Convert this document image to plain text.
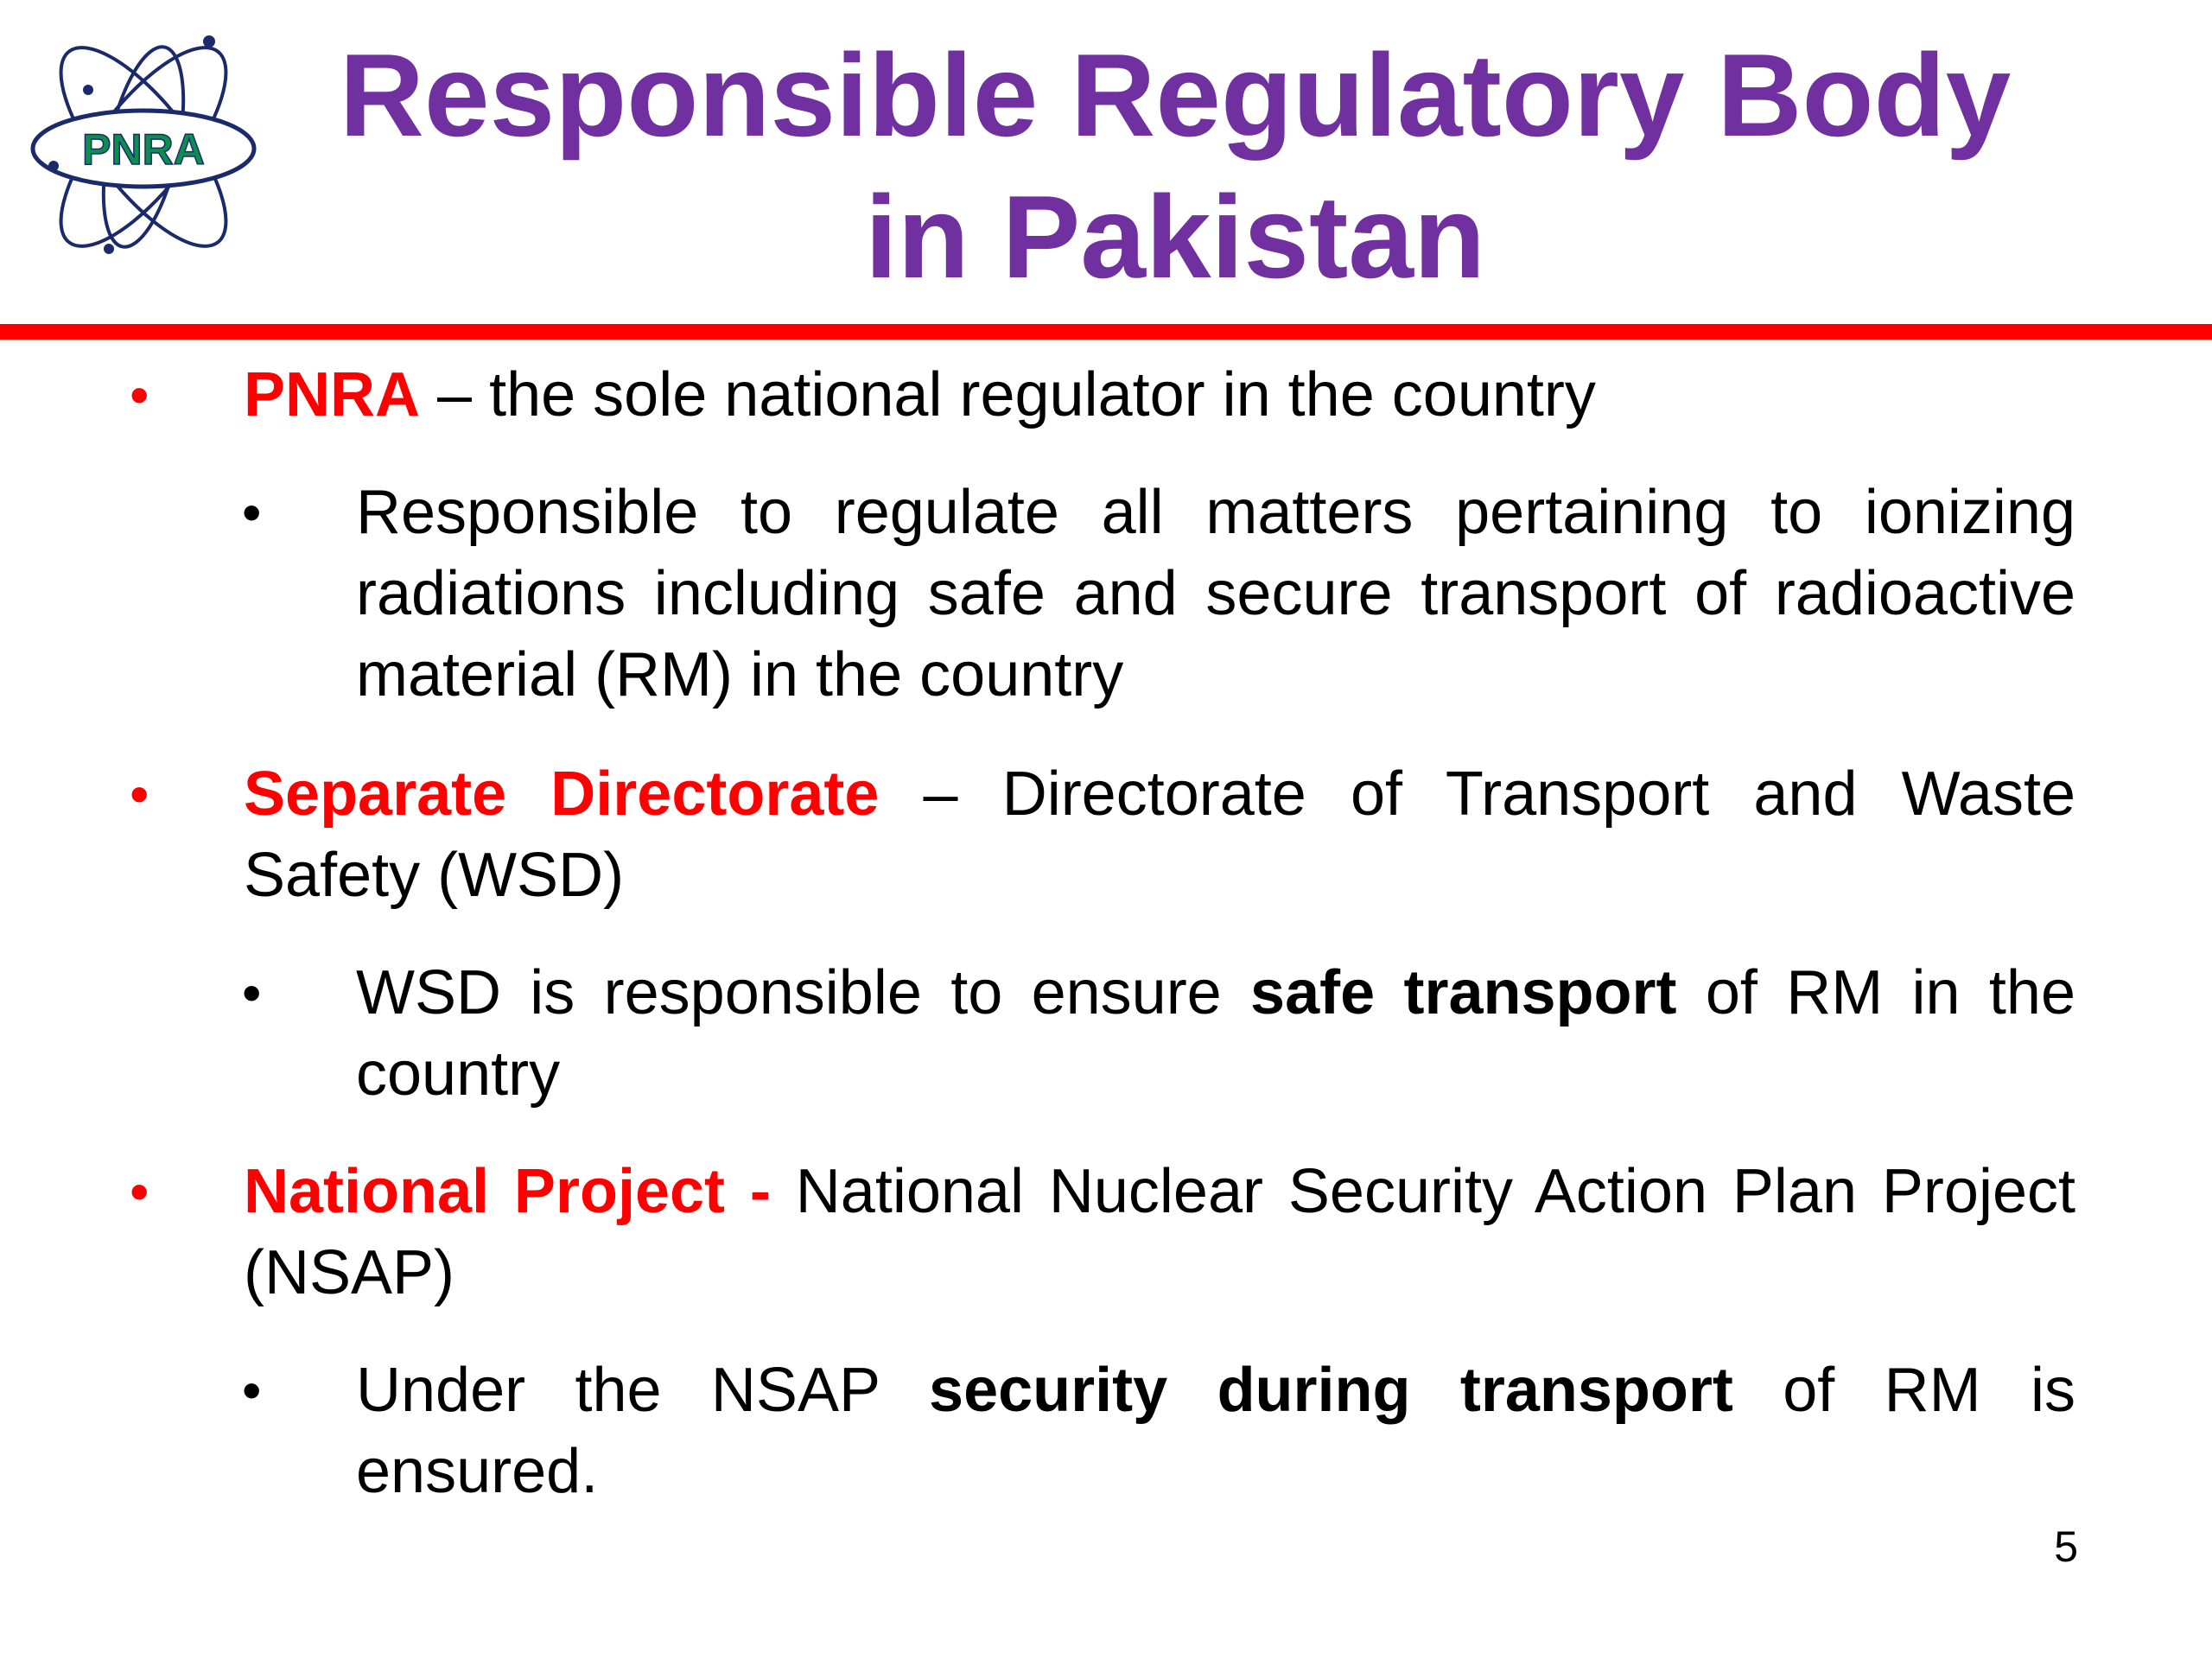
PNRA	Responsible Regulatory Body
in Pakistan
• PNRA – the sole national regulator in the country
• Responsible to regulate all matters pertaining to ionizing radiations including safe and secure transport of radioactive material (RM) in the country
• Separate Directorate – Directorate of Transport and Waste Safety (WSD)
• WSD is responsible to ensure safe transport of RM in the country
• National Project - National Nuclear Security Action Plan Project (NSAP)
• Under the NSAP security during transport of RM is ensured.
5
